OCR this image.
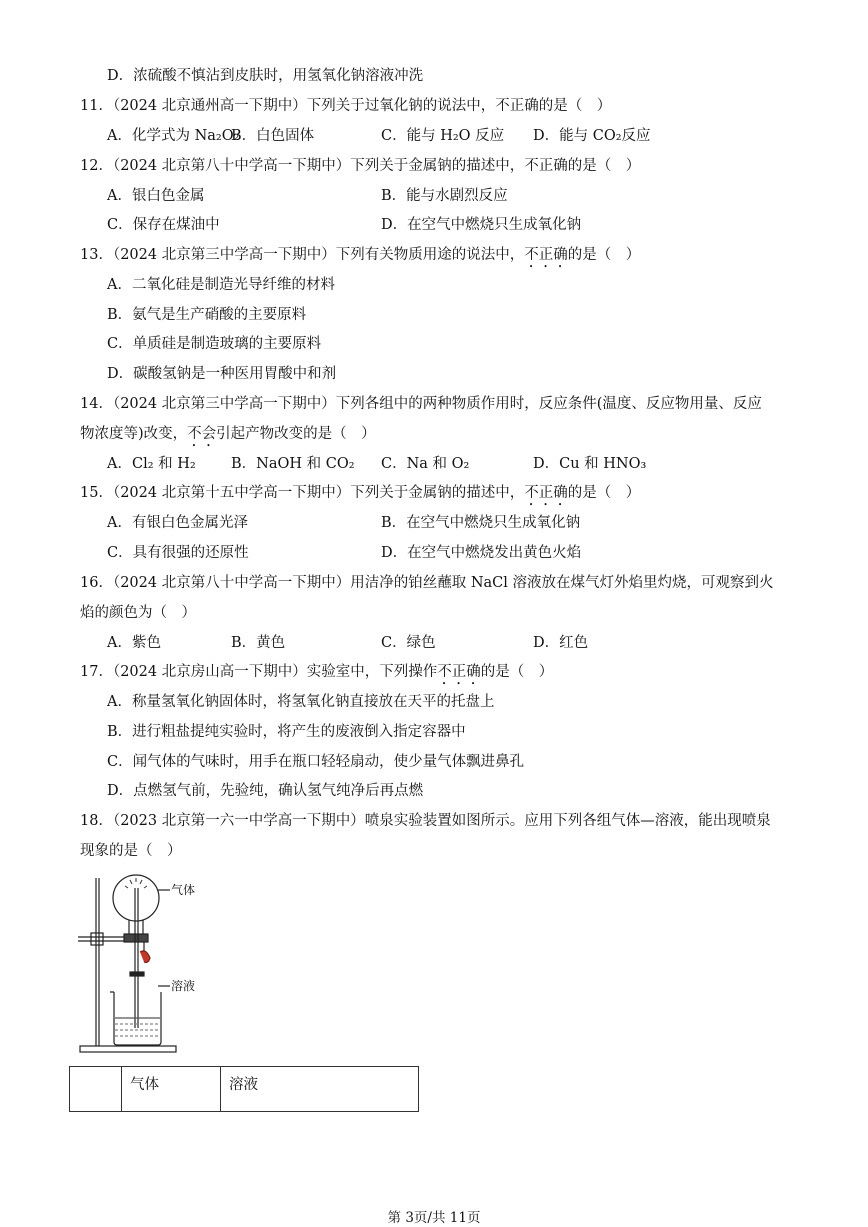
D．浓硫酸不慎沾到皮肤时，用氢氧化钠溶液冲洗
11．（2024 北京通州高一下期中）下列关于过氧化钠的说法中，不正确的是（　）
A．化学式为 Na₂O₂
B．白色固体	C．能与 H₂O 反应 D．能与 CO₂反应
12．（2024 北京第八十中学高一下期中）下列关于金属钠的描述中，不正确的是（　）
A．银白色金属	B．能与水剧烈反应
C．保存在煤油中	D．在空气中燃烧只生成氧化钠
13．（2024 北京第三中学高一下期中）下列有关物质用途的说法中，不正确的是（　）
A．二氧化硅是制造光导纤维的材料
B．氨气是生产硝酸的主要原料
C．单质硅是制造玻璃的主要原料
D．碳酸氢钠是一种医用胃酸中和剂
14．（2024 北京第三中学高一下期中）下列各组中的两种物质作用时，反应条件(温度、反应物用量、反应
物浓度等)改变，不会引起产物改变的是（　）
A．Cl₂ 和 H₂ B．NaOH 和 CO₂ C．Na 和 O₂	D．Cu 和 HNO₃
15．（2024 北京第十五中学高一下期中）下列关于金属钠的描述中，不正确的是（　）
A．有银白色金属光泽	B．在空气中燃烧只生成氧化钠
C．具有很强的还原性	D．在空气中燃烧发出黄色火焰
16．（2024 北京第八十中学高一下期中）用洁净的铂丝蘸取 NaCl 溶液放在煤气灯外焰里灼烧，可观察到火
焰的颜色为（　）
A．紫色	B．黄色	C．绿色	D．红色
17．（2024 北京房山高一下期中）实验室中，下列操作不正确的是（　）
A．称量氢氧化钠固体时，将氢氧化钠直接放在天平的托盘上
B．进行粗盐提纯实验时，将产生的废液倒入指定容器中
C．闻气体的气味时，用手在瓶口轻轻扇动，使少量气体飘进鼻孔
D．点燃氢气前，先验纯，确认氢气纯净后再点燃
18．（2023 北京第一六一中学高一下期中）喷泉实验装置如图所示。应用下列各组气体—溶液，能出现喷泉
现象的是（　）
气体
溶液
	气体	溶液
第 3页/共 11页
